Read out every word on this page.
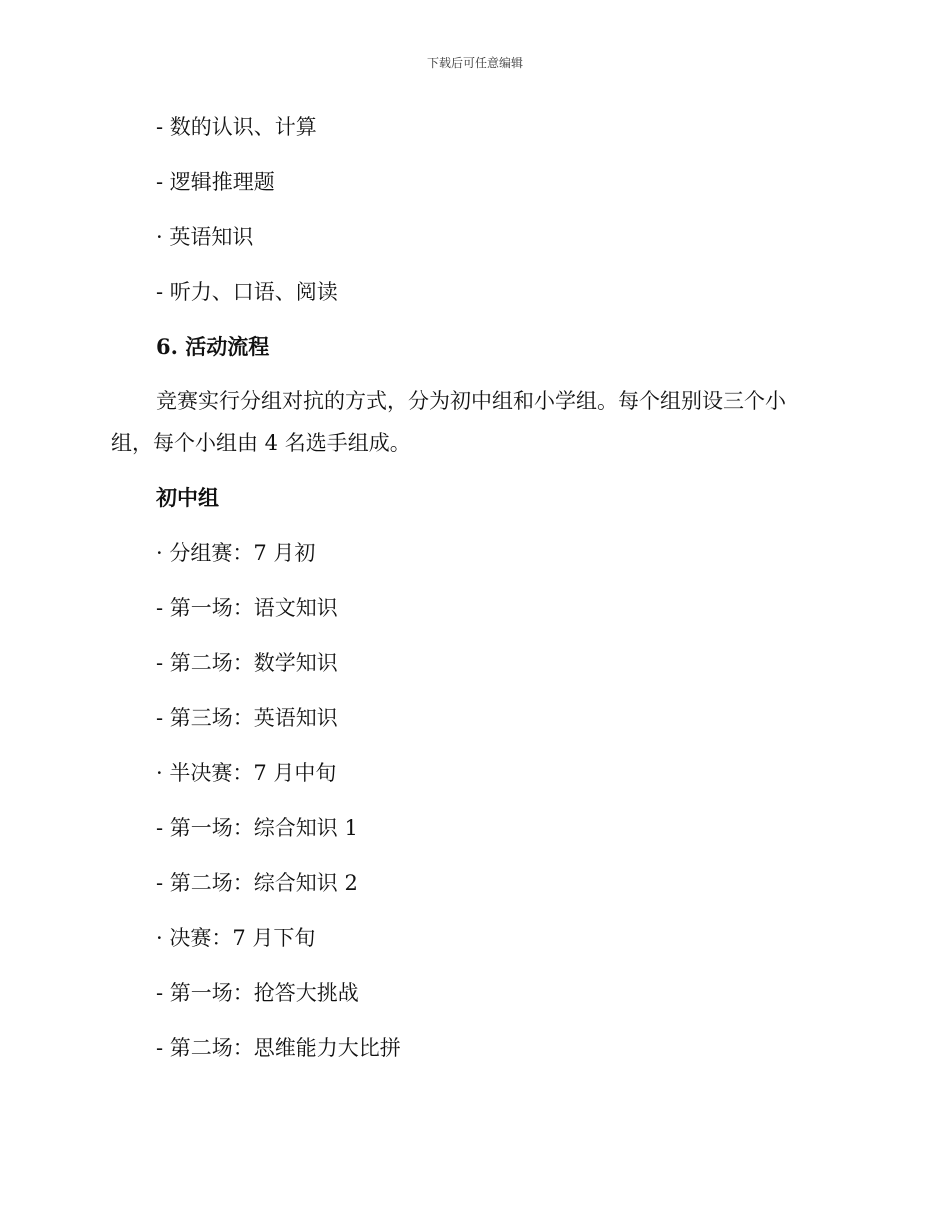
下载后可任意编辑
- 数的认识、计算
- 逻辑推理题
· 英语知识
- 听力、口语、阅读
6. 活动流程
竞赛实行分组对抗的方式，分为初中组和小学组。每个组别设三个小组，每个小组由 4 名选手组成。
初中组
· 分组赛：7 月初
- 第一场：语文知识
- 第二场：数学知识
- 第三场：英语知识
· 半决赛：7 月中旬
- 第一场：综合知识 1
- 第二场：综合知识 2
· 决赛：7 月下旬
- 第一场：抢答大挑战
- 第二场：思维能力大比拼
